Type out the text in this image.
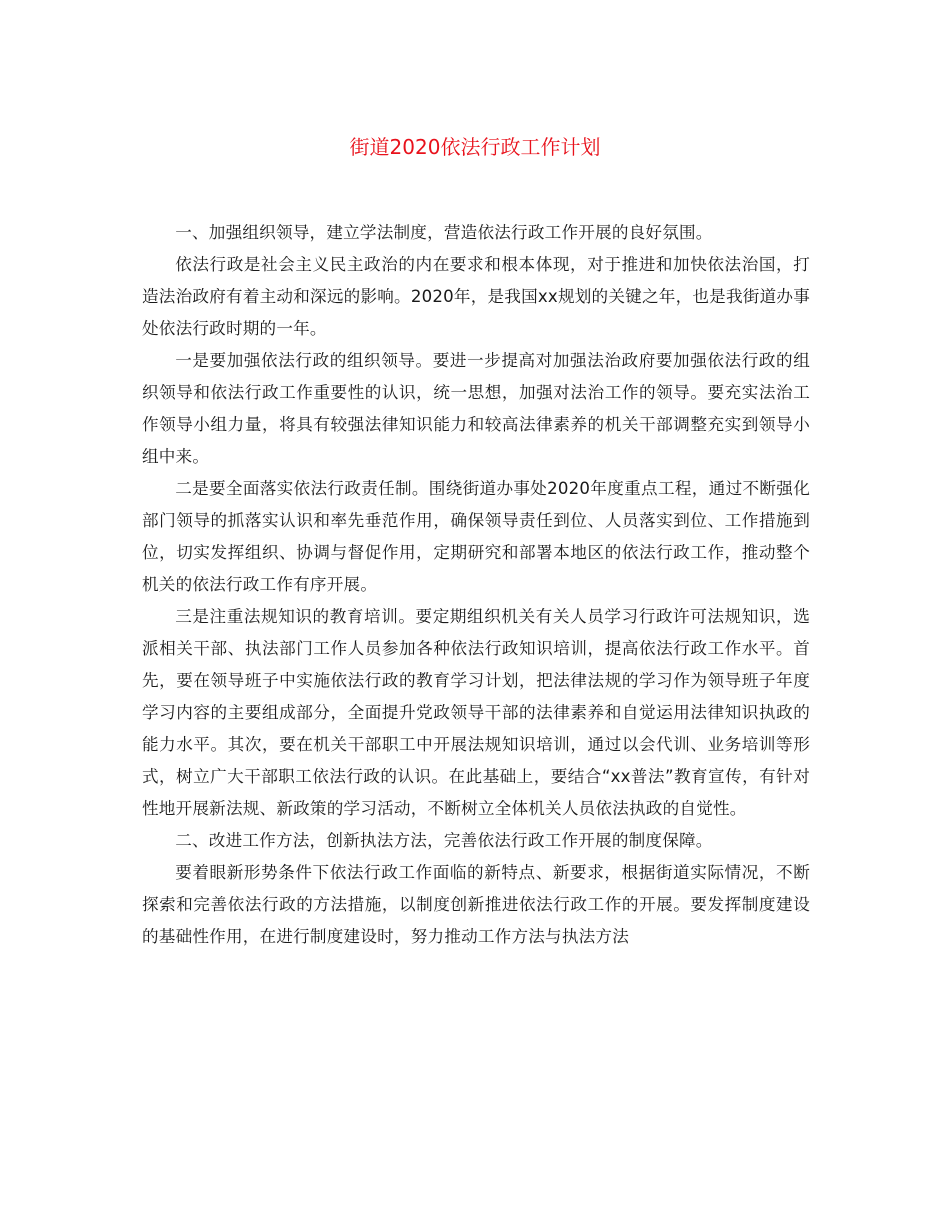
街道2020依法行政工作计划

一、加强组织领导，建立学法制度，营造依法行政工作开展的良好氛围。

依法行政是社会主义民主政治的内在要求和根本体现，对于推进和加快依法治国，打造法治政府有着主动和深远的影响。2020年，是我国xx规划的关键之年，也是我街道办事处依法行政时期的一年。

一是要加强依法行政的组织领导。要进一步提高对加强法治政府要加强依法行政的组织领导和依法行政工作重要性的认识，统一思想，加强对法治工作的领导。要充实法治工作领导小组力量，将具有较强法律知识能力和较高法律素养的机关干部调整充实到领导小组中来。

二是要全面落实依法行政责任制。围绕街道办事处2020年度重点工程，通过不断强化部门领导的抓落实认识和率先垂范作用，确保领导责任到位、人员落实到位、工作措施到位，切实发挥组织、协调与督促作用，定期研究和部署本地区的依法行政工作，推动整个机关的依法行政工作有序开展。

三是注重法规知识的教育培训。要定期组织机关有关人员学习行政许可法规知识，选派相关干部、执法部门工作人员参加各种依法行政知识培训，提高依法行政工作水平。首先，要在领导班子中实施依法行政的教育学习计划，把法律法规的学习作为领导班子年度学习内容的主要组成部分，全面提升党政领导干部的法律素养和自觉运用法律知识执政的能力水平。其次，要在机关干部职工中开展法规知识培训，通过以会代训、业务培训等形式，树立广大干部职工依法行政的认识。在此基础上，要结合“xx普法”教育宣传，有针对性地开展新法规、新政策的学习活动，不断树立全体机关人员依法执政的自觉性。

二、改进工作方法，创新执法方法，完善依法行政工作开展的制度保障。

要着眼新形势条件下依法行政工作面临的新特点、新要求，根据街道实际情况，不断探索和完善依法行政的方法措施，以制度创新推进依法行政工作的开展。要发挥制度建设的基础性作用，在进行制度建设时，努力推动工作方法与执法方法
